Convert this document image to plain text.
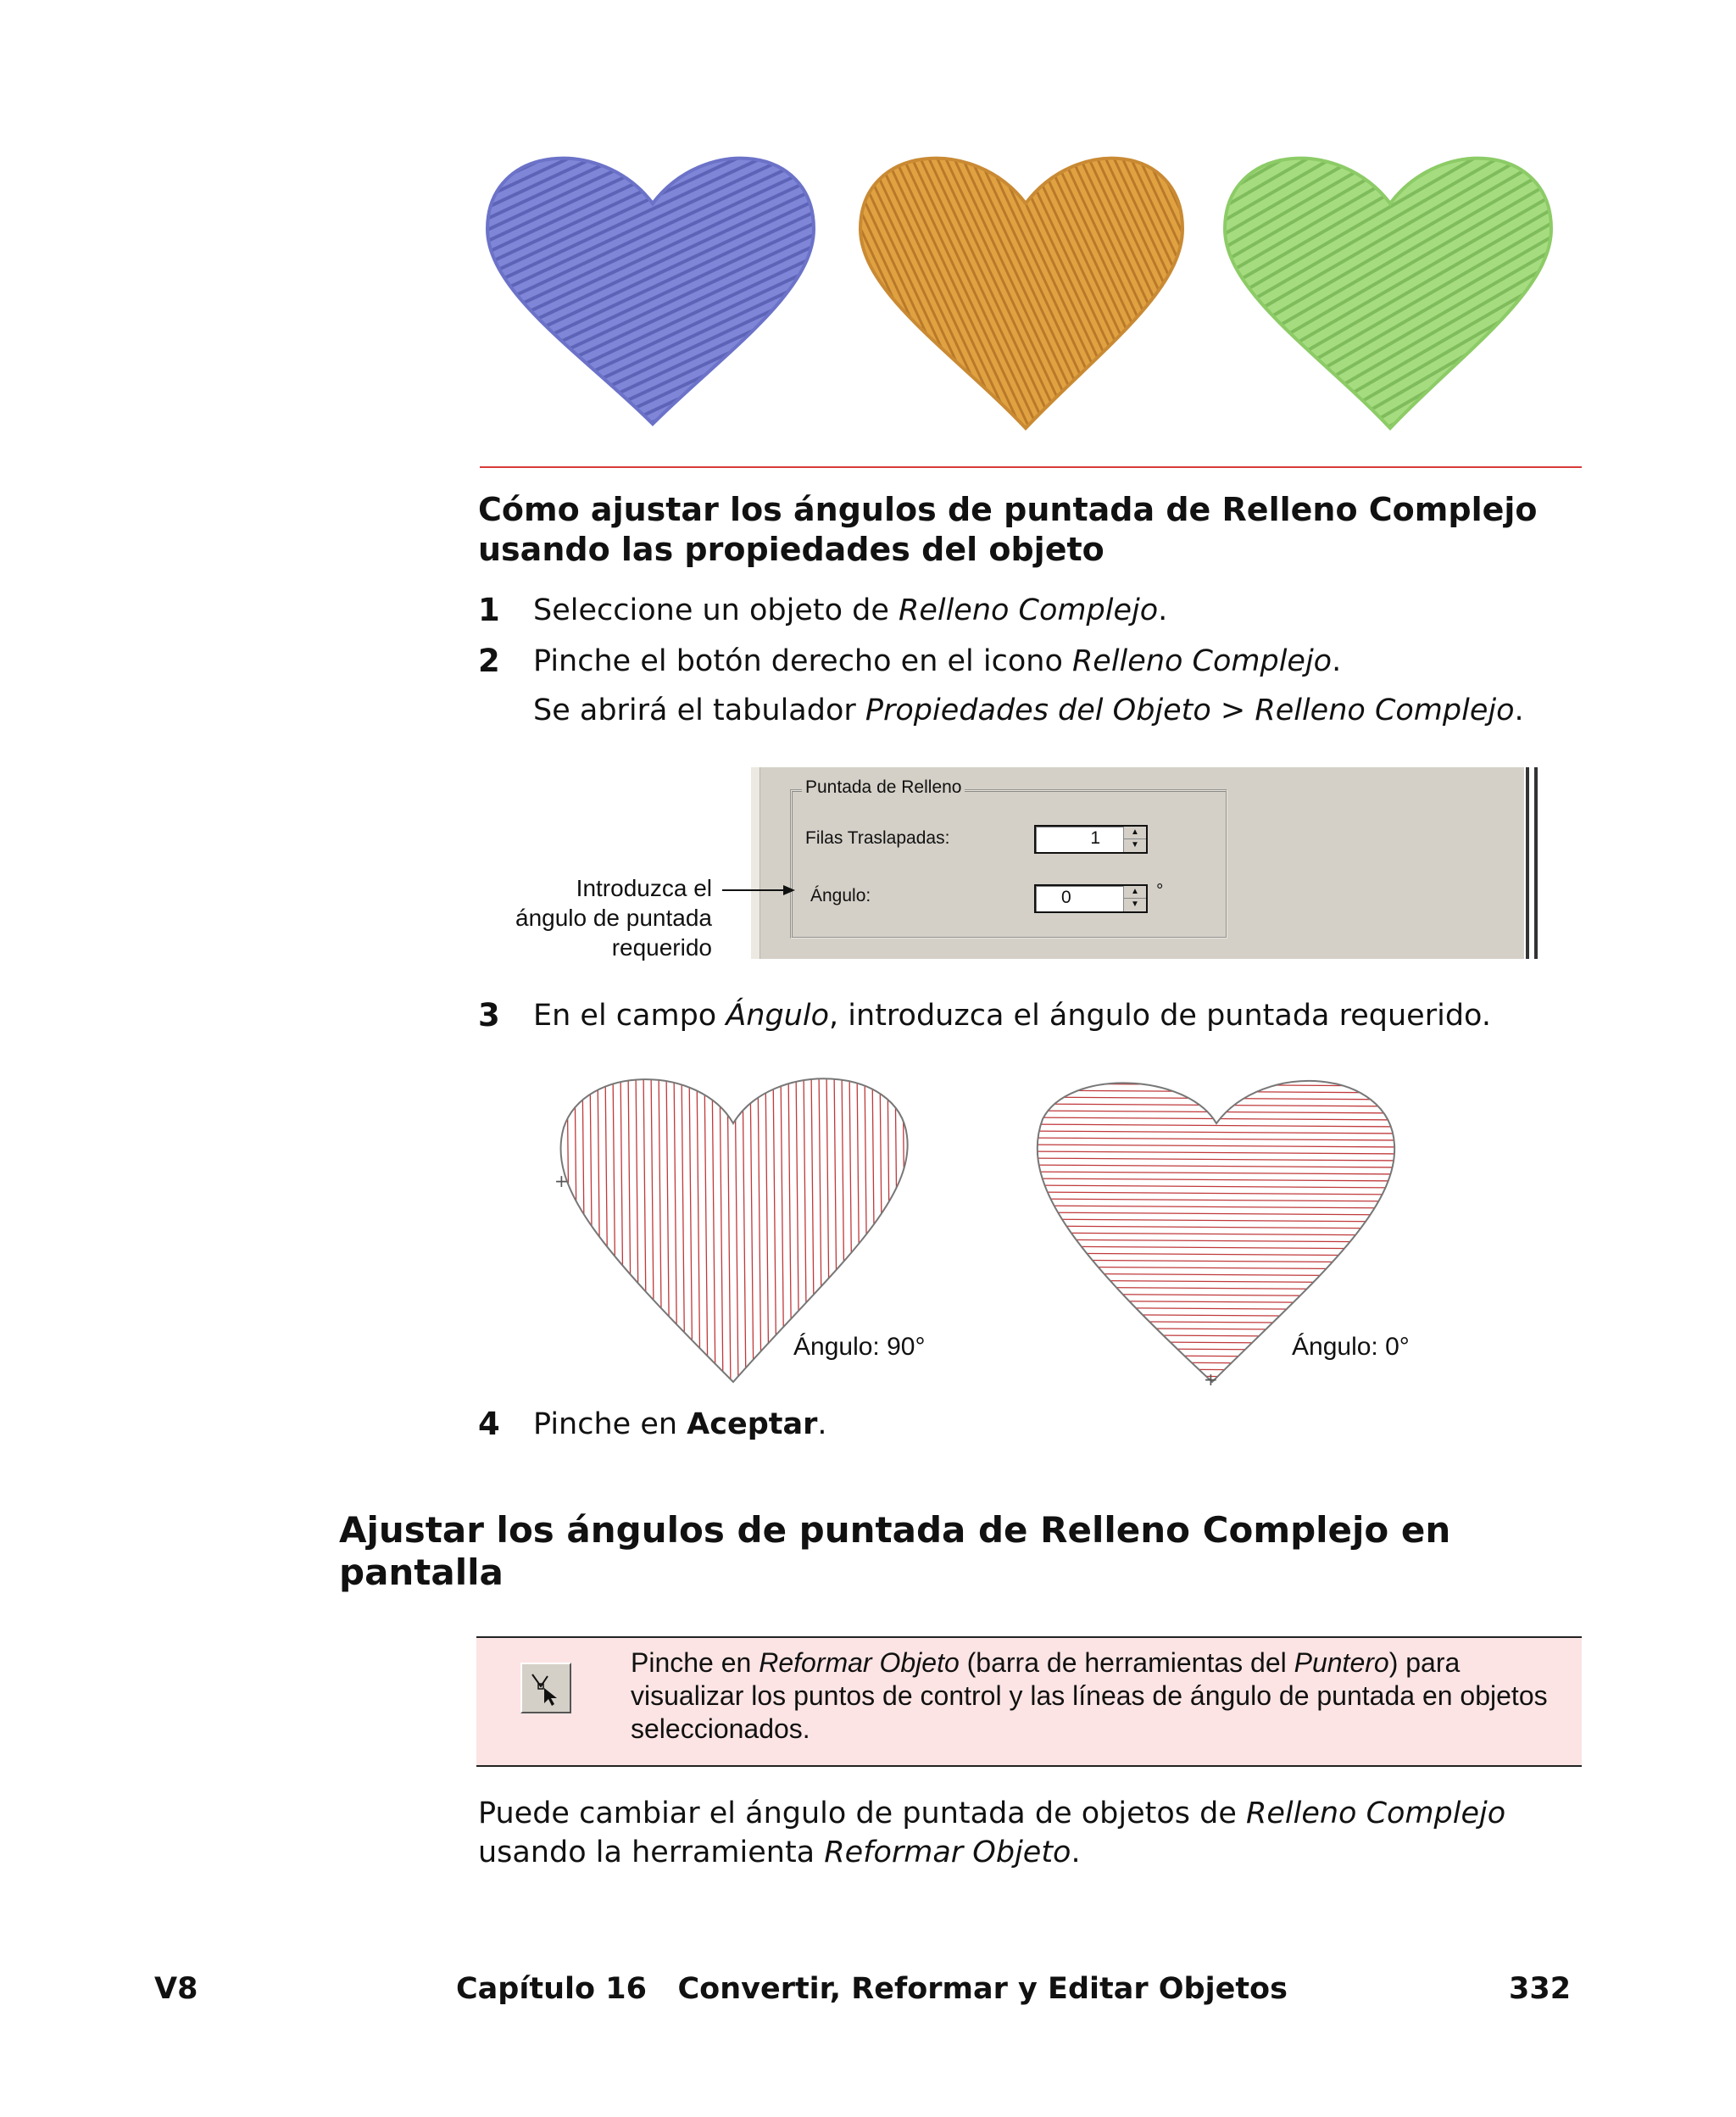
Cómo ajustar los ángulos de puntada de Relleno Complejo usando las propiedades del objeto
1 Seleccione un objeto de Relleno Complejo.
2 Pinche el botón derecho en el icono Relleno Complejo.
Se abrirá el tabulador Propiedades del Objeto > Relleno Complejo.
Puntada de Relleno
Filas Traslapadas:	1	▲
▼
Ángulo:	0	▲
▼
°
Introduzca el
ángulo de puntada
requerido
3 En el campo Ángulo, introduzca el ángulo de puntada requerido.
+
+
Ángulo: 90°	Ángulo: 0°
4 Pinche en Aceptar.
Ajustar los ángulos de puntada de Relleno Complejo en pantalla
Pinche en Reformar Objeto (barra de herramientas del Puntero) para visualizar los puntos de control y las líneas de ángulo de puntada en objetos seleccionados.
Puede cambiar el ángulo de puntada de objetos de Relleno Complejo usando la herramienta Reformar Objeto.
V8	Capítulo 16   Convertir, Reformar y Editar Objetos	332
